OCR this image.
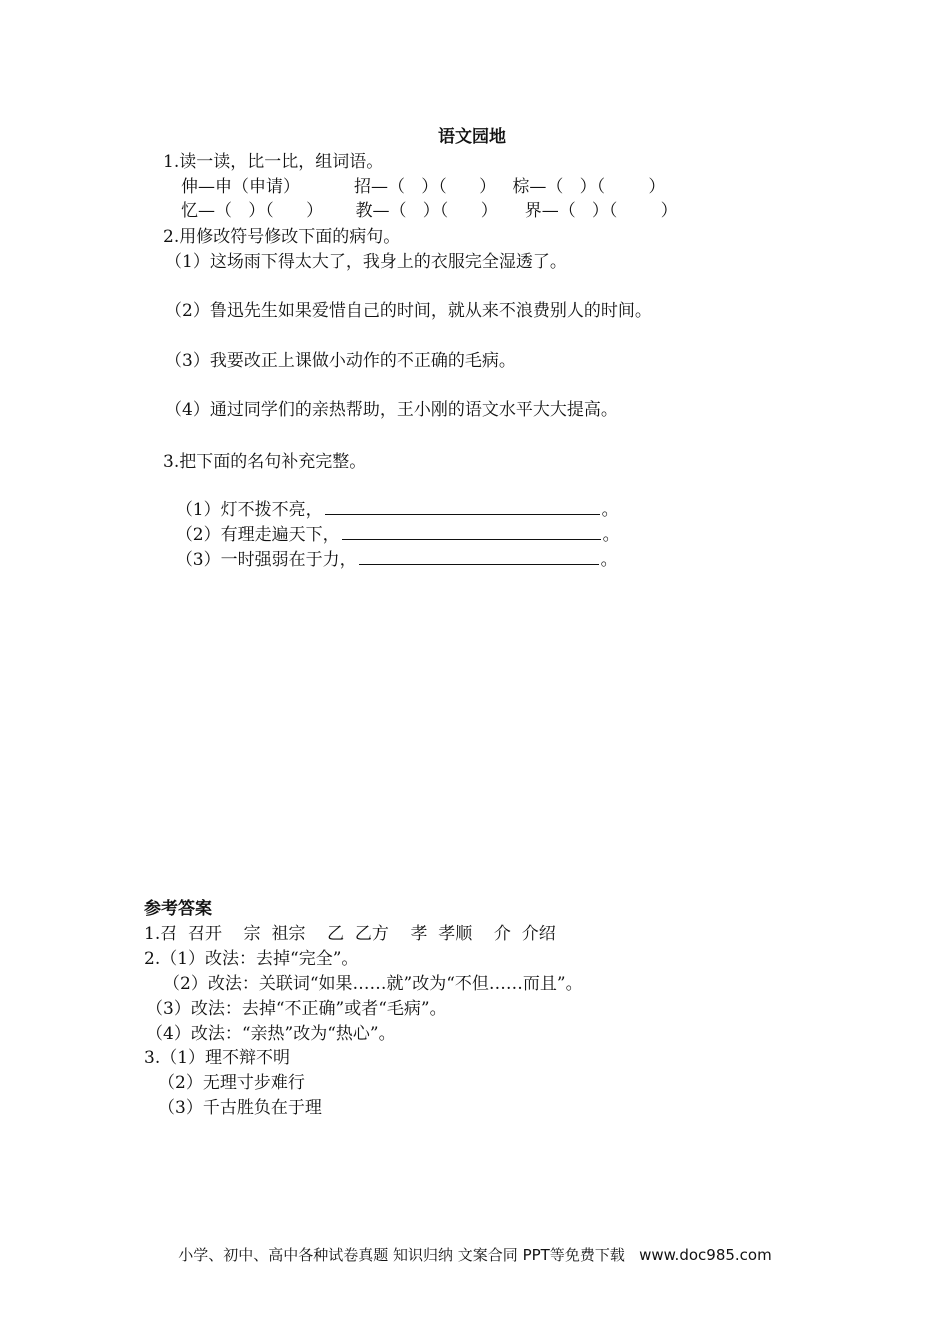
语文园地
1.读一读，比一比，组词语。
伸—申（申请）          招—（   ）（      ）   棕—（   ）（        ）
忆—（   ）（      ）      教—（   ）（      ）     界—（   ）（        ）
2.用修改符号修改下面的病句。
（1）这场雨下得太大了，我身上的衣服完全湿透了。
（2）鲁迅先生如果爱惜自己的时间，就从来不浪费别人的时间。
（3）我要改正上课做小动作的不正确的毛病。
（4）通过同学们的亲热帮助，王小刚的语文水平大大提高。
3.把下面的名句补充完整。

（1）灯不拨不亮，	。

（2）有理走遍天下，	。

（3）一时强弱在于力，	。

参考答案
1.召  召开    宗  祖宗    乙  乙方    孝  孝顺    介  介绍
2.（1）改法：去掉“完全”。
（2）改法：关联词“如果……就”改为“不但……而且”。
（3）改法：去掉“不正确”或者“毛病”。
（4）改法：“亲热”改为“热心”。
3.（1）理不辩不明
（2）无理寸步难行
（3）千古胜负在于理
小学、初中、高中各种试卷真题 知识归纳 文案合同 PPT等免费下载   www.doc985.com
